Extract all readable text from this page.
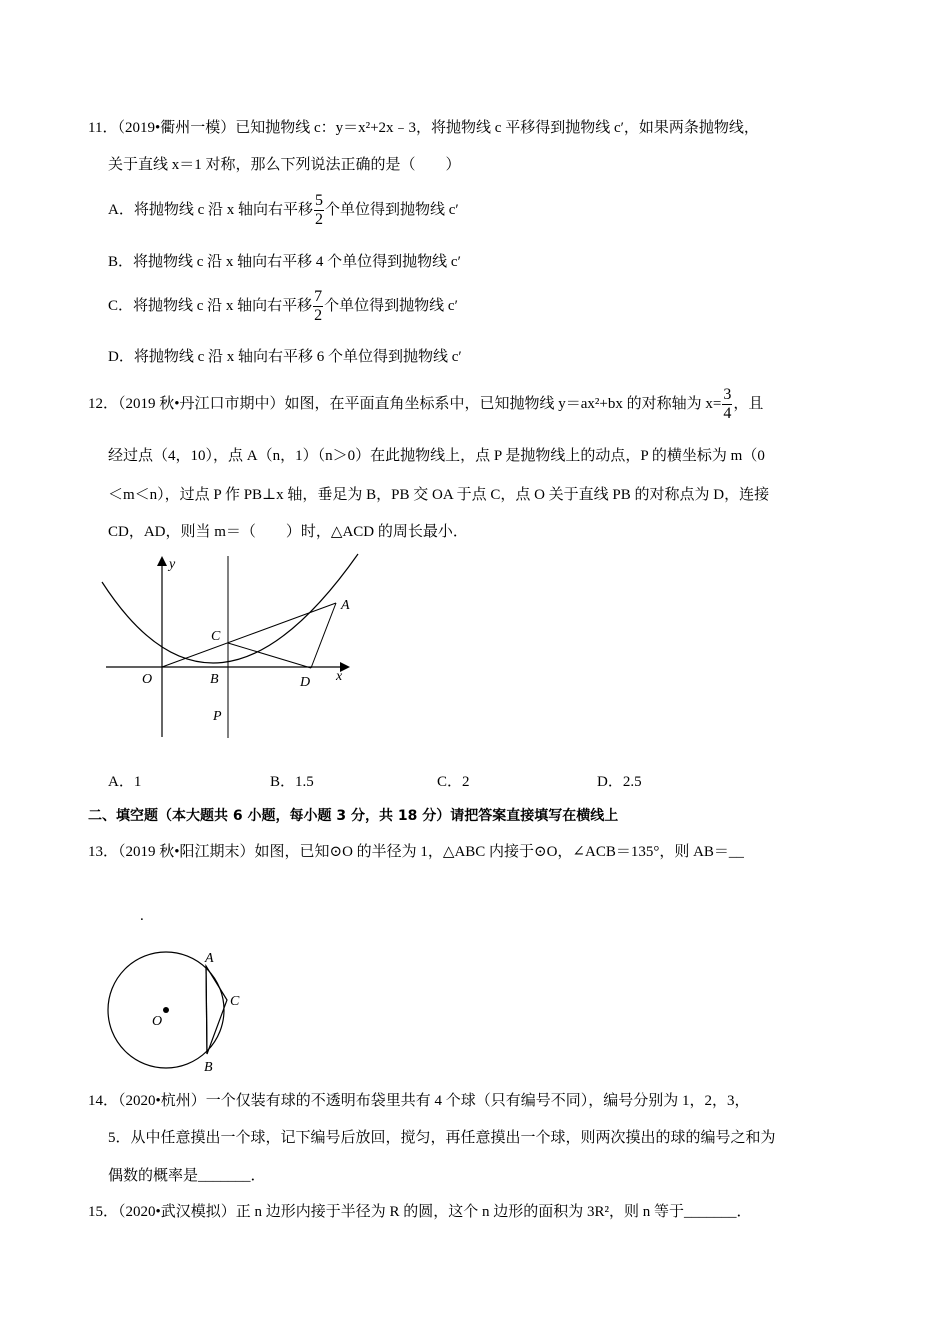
11．（2019•衢州一模）已知抛物线 c：y＝x²+2x﹣3，将抛物线 c 平移得到抛物线 c′，如果两条抛物线，
关于直线 x＝1 对称，那么下列说法正确的是（　　）
A．将抛物线 c 沿 x 轴向右平移 $\frac{5}{2}$ 个单位得到抛物线 c′
B．将抛物线 c 沿 x 轴向右平移 4 个单位得到抛物线 c′
C．将抛物线 c 沿 x 轴向右平移 $\frac{7}{2}$ 个单位得到抛物线 c′
D．将抛物线 c 沿 x 轴向右平移 6 个单位得到抛物线 c′
12．（2019 秋•丹江口市期中）如图，在平面直角坐标系中，已知抛物线 y＝ax²+bx 的对称轴为 $x= \frac{3}{4}$ ，且
经过点（4，10），点 A（n，1）（n＞0）在此抛物线上，点 P 是抛物线上的动点，P 的横坐标为 m（0
＜m＜n），过点 P 作 PB⊥x 轴，垂足为 B，PB 交 OA 于点 C，点 O 关于直线 PB 的对称点为 D，连接
CD，AD，则当 m＝（　　）时，△ACD 的周长最小．
y
x
A
C
O	B	D
P
A．1	B．1.5	C．2	D．2.5
二、填空题（本大题共 6 小题，每小题 3 分，共 18 分）请把答案直接填写在横线上
13．（2019 秋•阳江期末）如图，已知⊙O 的半径为 1，△ABC 内接于⊙O，∠ACB＝135°，则 AB＝__
.
A
C
B
O
14．（2020•杭州）一个仅装有球的不透明布袋里共有 4 个球（只有编号不同），编号分别为 1，2，3，
5．从中任意摸出一个球，记下编号后放回，搅匀，再任意摸出一个球，则两次摸出的球的编号之和为
偶数的概率是_______．
15．（2020•武汉模拟）正 n 边形内接于半径为 R 的圆，这个 n 边形的面积为 3R²，则 n 等于_______．
